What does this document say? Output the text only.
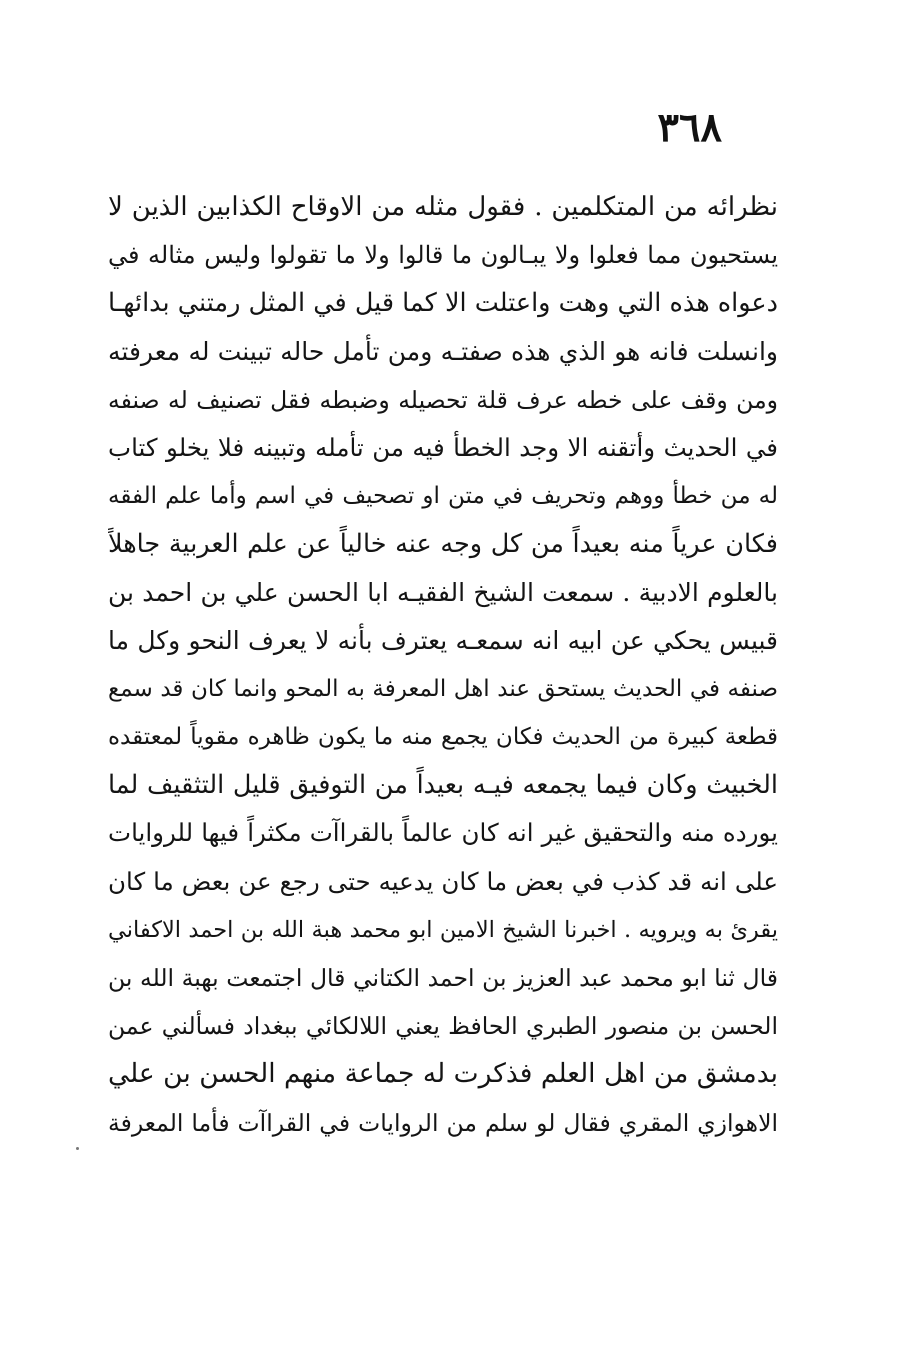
٣٦٨
نظرائه من المتكلمين . فقول مثله من الاوقاح الكذابين الذين لا
يستحيون مما فعلوا ولا يبـالون ما قالوا ولا ما تقولوا وليس مثاله في
دعواه هذه التي وهت واعتلت الا كما قيل في المثل رمتني بدائهـا
وانسلت فانه هو الذي هذه صفتـه ومن تأمل حاله تبينت له معرفته
ومن وقف على خطه عرف قلة تحصيله وضبطه فقل تصنيف له صنفه
في الحديث وأتقنه الا وجد الخطأ فيه من تأمله وتبينه فلا يخلو كتاب
له من خطأ ووهم وتحريف في متن او تصحيف في اسم وأما علم الفقه
فكان عرياً منه بعيداً من كل وجه عنه خالياً عن علم العربية جاهلاً
بالعلوم الادبية . سمعت الشيخ الفقيـه ابا الحسن علي بن احمد بن
قبيس يحكي عن ابيه انه سمعـه يعترف بأنه لا يعرف النحو وكل ما
صنفه في الحديث يستحق عند اهل المعرفة به المحو وانما كان قد سمع
قطعة كبيرة من الحديث فكان يجمع منه ما يكون ظاهره مقوياً لمعتقده
الخبيث وكان فيما يجمعه فيـه بعيداً من التوفيق قليل التثقيف لما
يورده منه والتحقيق غير انه كان عالماً بالقراآت مكثراً فيها للروايات
على انه قد كذب في بعض ما كان يدعيه حتى رجع عن بعض ما كان
يقرئ به ويرويه . اخبرنا الشيخ الامين ابو محمد هبة الله بن احمد الاكفاني
قال ثنا ابو محمد عبد العزيز بن احمد الكتاني قال اجتمعت بهبة الله بن
الحسن بن منصور الطبري الحافظ يعني اللالكائي ببغداد فسألني عمن
بدمشق من اهل العلم فذكرت له جماعة منهم الحسن بن علي
الاهوازي المقري فقال لو سلم من الروايات في القراآت فأما المعرفة
